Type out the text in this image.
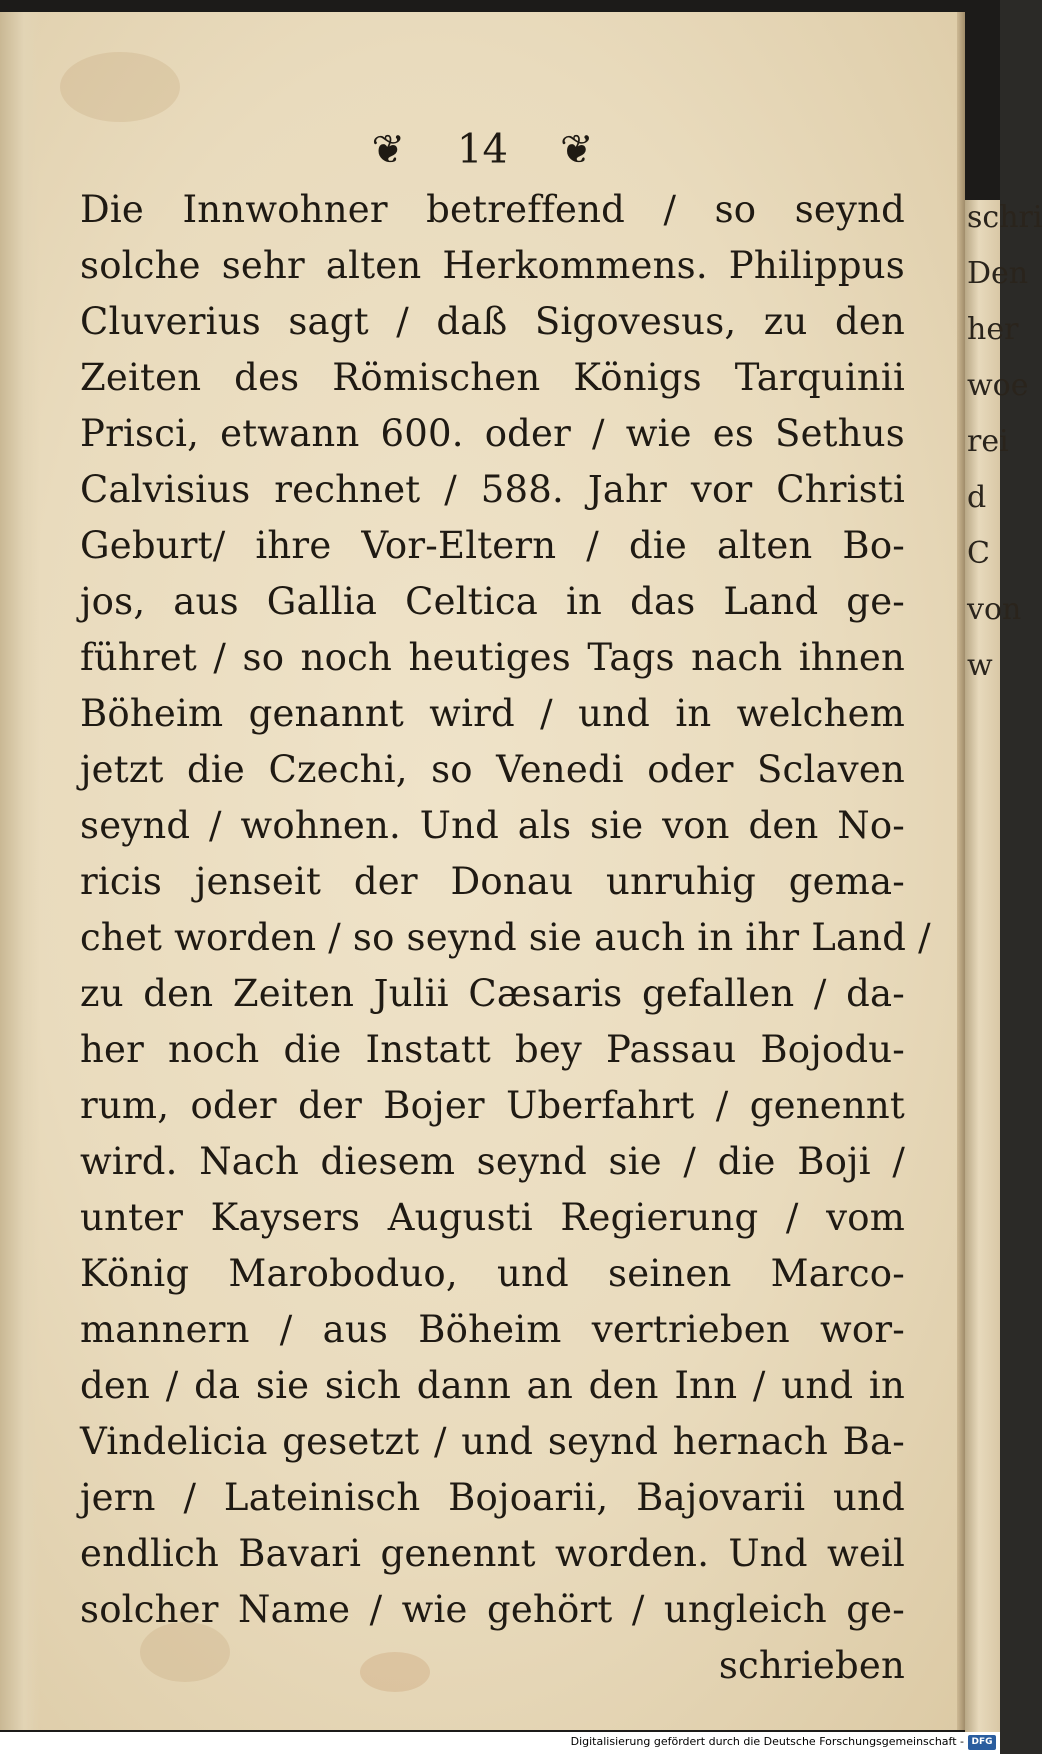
❦ 14 ❦
Die Innwohner betreffend / so seynd
solche sehr alten Herkommens. Philippus
Cluverius sagt / daß Sigovesus, zu den
Zeiten des Römischen Königs Tarquinii
Prisci, etwann 600. oder / wie es Sethus
Calvisius rechnet / 588. Jahr vor Christi
Geburt/ ihre Vor-Eltern / die alten Bo-
jos, aus Gallia Celtica in das Land ge-
führet / so noch heutiges Tags nach ihnen
Böheim genannt wird / und in welchem
jetzt die Czechi, so Venedi oder Sclaven
seynd / wohnen. Und als sie von den No-
ricis jenseit der Donau unruhig gema-
chet worden / so seynd sie auch in ihr Land /
zu den Zeiten Julii Cæsaris gefallen / da-
her noch die Instatt bey Passau Bojodu-
rum, oder der Bojer Uberfahrt / genennt
wird. Nach diesem seynd sie / die Boji /
unter Kaysers Augusti Regierung / vom
König Maroboduo, und seinen Marco-
mannern / aus Böheim vertrieben wor-
den / da sie sich dann an den Inn / und in
Vindelicia gesetzt / und seynd hernach Ba-
jern / Lateinisch Bojoarii, Bajovarii und
endlich Bavari genennt worden. Und weil
solcher Name / wie gehört / ungleich ge-
schrieben
schri
Den
her
woe
rei
d
C
von
w
Digitalisierung gefördert durch die Deutsche Forschungsgemeinschaft - DFG
